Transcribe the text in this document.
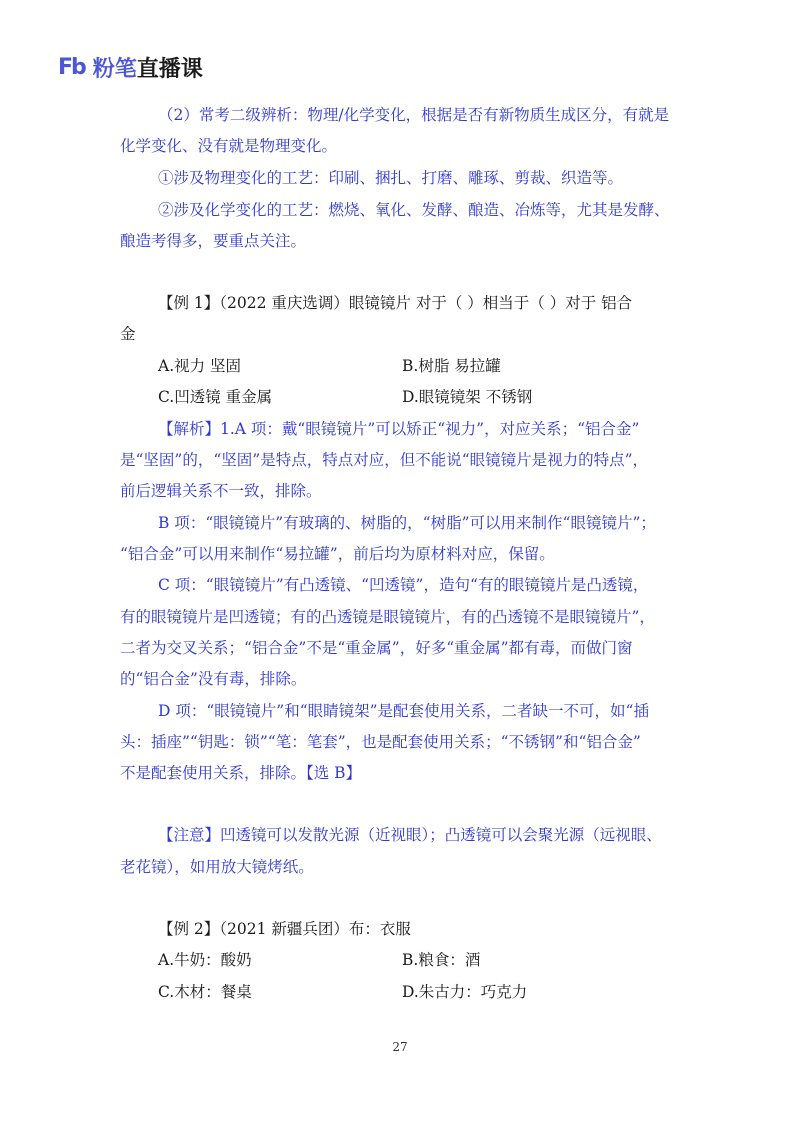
Fb 粉笔直播课
（2）常考二级辨析：物理/化学变化，根据是否有新物质生成区分，有就是
化学变化、没有就是物理变化。
①涉及物理变化的工艺：印刷、捆扎、打磨、雕琢、剪裁、织造等。
②涉及化学变化的工艺：燃烧、氧化、发酵、酿造、冶炼等，尤其是发酵、
酿造考得多，要重点关注。
【例 1】（2022 重庆选调）眼镜镜片 对于（ ）相当于（ ）对于 铝合
金
A.视力 坚固	B.树脂 易拉罐
C.凹透镜 重金属	D.眼镜镜架 不锈钢
【解析】1.A 项：戴“眼镜镜片”可以矫正“视力”，对应关系；“铝合金”
是“坚固”的，“坚固”是特点，特点对应，但不能说“眼镜镜片是视力的特点”，
前后逻辑关系不一致，排除。
B 项：“眼镜镜片”有玻璃的、树脂的，“树脂”可以用来制作“眼镜镜片”；
“铝合金”可以用来制作“易拉罐”，前后均为原材料对应，保留。
C 项：“眼镜镜片”有凸透镜、“凹透镜”，造句“有的眼镜镜片是凸透镜，
有的眼镜镜片是凹透镜；有的凸透镜是眼镜镜片，有的凸透镜不是眼镜镜片”，
二者为交叉关系；“铝合金”不是“重金属”，好多“重金属”都有毒，而做门窗
的“铝合金”没有毒，排除。
D 项：“眼镜镜片”和“眼睛镜架”是配套使用关系，二者缺一不可，如“插
头：插座”“钥匙：锁”“笔：笔套”，也是配套使用关系；“不锈钢”和“铝合金”
不是配套使用关系，排除。【选 B】
【注意】凹透镜可以发散光源（近视眼）；凸透镜可以会聚光源（远视眼、
老花镜），如用放大镜烤纸。
【例 2】（2021 新疆兵团）布：衣服
A.牛奶：酸奶	B.粮食：酒
C.木材：餐桌	D.朱古力：巧克力
27
